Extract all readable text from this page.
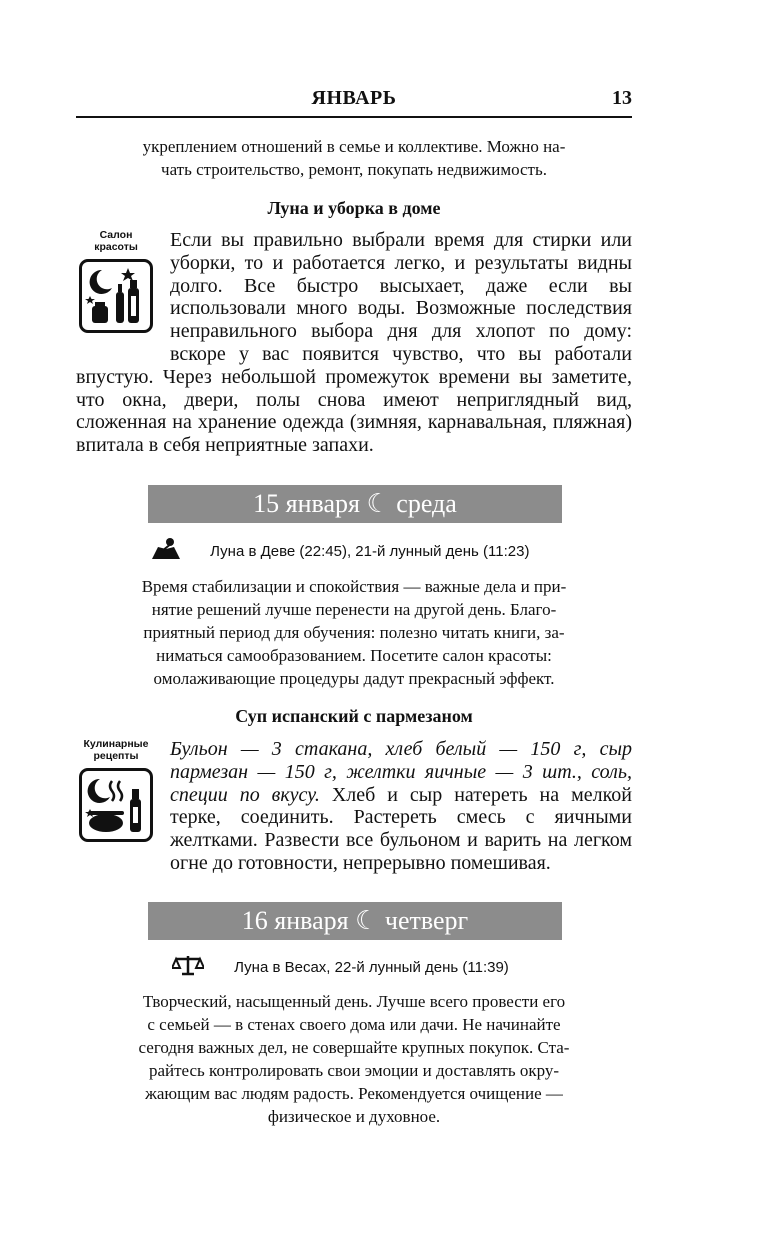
ЯНВАРЬ	13
укреплением отношений в семье и коллективе. Можно на-
чать строительство, ремонт, покупать недвижимость.
Луна и уборка в доме
Салон
красоты	Если вы правильно выбрали время для стирки или уборки, то и работается легко, и результаты видны долго. Все быстро высыхает, даже если вы использовали много воды. Возможные последствия неправильного выбора дня для хлопот по дому: вскоре у вас появится чувство, что вы работали впустую. Через небольшой промежуток времени вы заметите, что окна, двери, полы снова имеют неприглядный вид, сложенная на хранение одежда (зимняя, карнавальная, пляжная) впитала в себя неприятные запахи.
15 января ☾ среда
Луна в Деве (22:45), 21-й лунный день (11:23)
Время стабилизации и спокойствия — важные дела и при-
нятие решений лучше перенести на другой день. Благо-
приятный период для обучения: полезно читать книги, за-
ниматься самообразованием. Посетите салон красоты:
омолаживающие процедуры дадут прекрасный эффект.
Суп испанский с пармезаном
Кулинарные
рецепты	Бульон — 3 стакана, хлеб белый — 150 г, сыр пармезан — 150 г, желтки яичные — 3 шт., соль, специи по вкусу. Хлеб и сыр натереть на мелкой терке, соединить. Растереть смесь с яичными желтками. Развести все бульоном и варить на легком огне до готовности, непрерывно помешивая.
16 января ☾ четверг
Луна в Весах, 22-й лунный день (11:39)
Творческий, насыщенный день. Лучше всего провести его
с семьей — в стенах своего дома или дачи. Не начинайте
сегодня важных дел, не совершайте крупных покупок. Ста-
райтесь контролировать свои эмоции и доставлять окру-
жающим вас людям радость. Рекомендуется очищение —
физическое и духовное.
